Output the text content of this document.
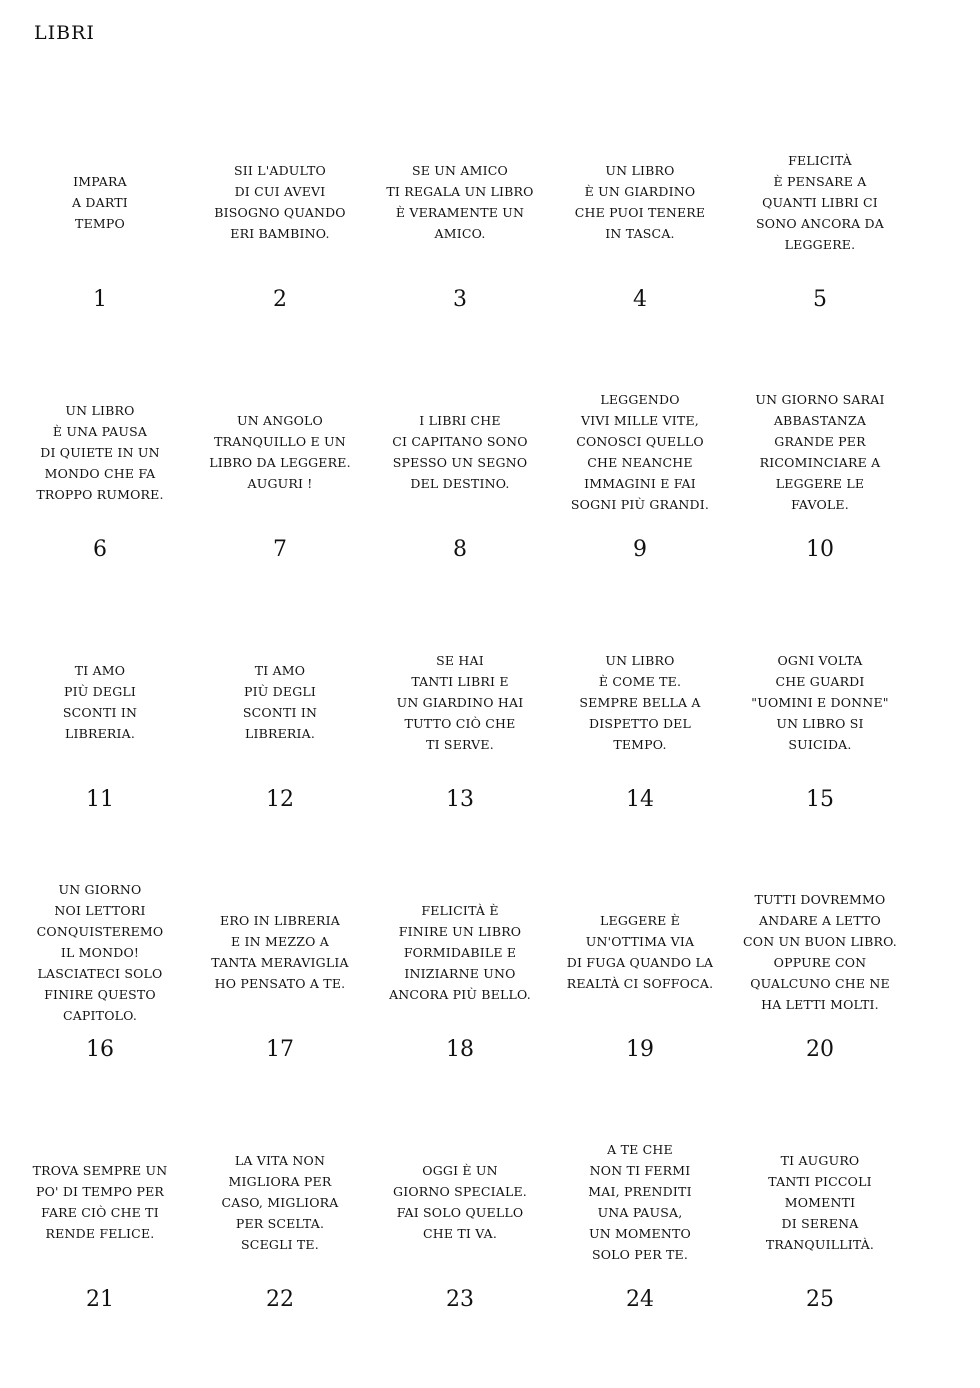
LIBRI
IMPARA
A DARTI
TEMPO
1
SII L'ADULTO
DI CUI AVEVI
BISOGNO QUANDO
ERI BAMBINO.
2
SE UN AMICO
TI REGALA UN LIBRO
È VERAMENTE UN
AMICO.
3
UN LIBRO
È UN GIARDINO
CHE PUOI TENERE
IN TASCA.
4
FELICITÀ
È PENSARE A
QUANTI LIBRI CI
SONO ANCORA DA
LEGGERE.
5
UN LIBRO
È UNA PAUSA
DI QUIETE IN UN
MONDO CHE FA
TROPPO RUMORE.
6
UN ANGOLO
TRANQUILLO E UN
LIBRO DA LEGGERE.
AUGURI !
7
I LIBRI CHE
CI CAPITANO SONO
SPESSO UN SEGNO
DEL DESTINO.
8
LEGGENDO
VIVI MILLE VITE,
CONOSCI QUELLO
CHE NEANCHE
IMMAGINI E FAI
SOGNI PIÙ GRANDI.
9
UN GIORNO SARAI
ABBASTANZA
GRANDE PER
RICOMINCIARE A
LEGGERE LE
FAVOLE.
10
TI AMO
PIÙ DEGLI
SCONTI IN
LIBRERIA.
11
TI AMO
PIÙ DEGLI
SCONTI IN
LIBRERIA.
12
SE HAI
TANTI LIBRI E
UN GIARDINO HAI
TUTTO CIÒ CHE
TI SERVE.
13
UN LIBRO
È COME TE.
SEMPRE BELLA A
DISPETTO DEL
TEMPO.
14
OGNI VOLTA
CHE GUARDI
"UOMINI E DONNE"
UN LIBRO SI
SUICIDA.
15
UN GIORNO
NOI LETTORI
CONQUISTEREMO
IL MONDO!
LASCIATECI SOLO
FINIRE QUESTO
CAPITOLO.
16
ERO IN LIBRERIA
E IN MEZZO A
TANTA MERAVIGLIA
HO PENSATO A TE.
17
FELICITÀ È
FINIRE UN LIBRO
FORMIDABILE E
INIZIARNE UNO
ANCORA PIÙ BELLO.
18
LEGGERE È
UN'OTTIMA VIA
DI FUGA QUANDO LA
REALTÀ CI SOFFOCA.
19
TUTTI DOVREMMO
ANDARE A LETTO
CON UN BUON LIBRO.
OPPURE CON
QUALCUNO CHE NE
HA LETTI MOLTI.
20
TROVA SEMPRE UN
PO' DI TEMPO PER
FARE CIÒ CHE TI
RENDE FELICE.
21
LA VITA NON
MIGLIORA PER
CASO, MIGLIORA
PER SCELTA.
SCEGLI TE.
22
OGGI È UN
GIORNO SPECIALE.
FAI SOLO QUELLO
CHE TI VA.
23
A TE CHE
NON TI FERMI
MAI, PRENDITI
UNA PAUSA,
UN MOMENTO
SOLO PER TE.
24
TI AUGURO
TANTI PICCOLI
MOMENTI
DI SERENA
TRANQUILLITÀ.
25
